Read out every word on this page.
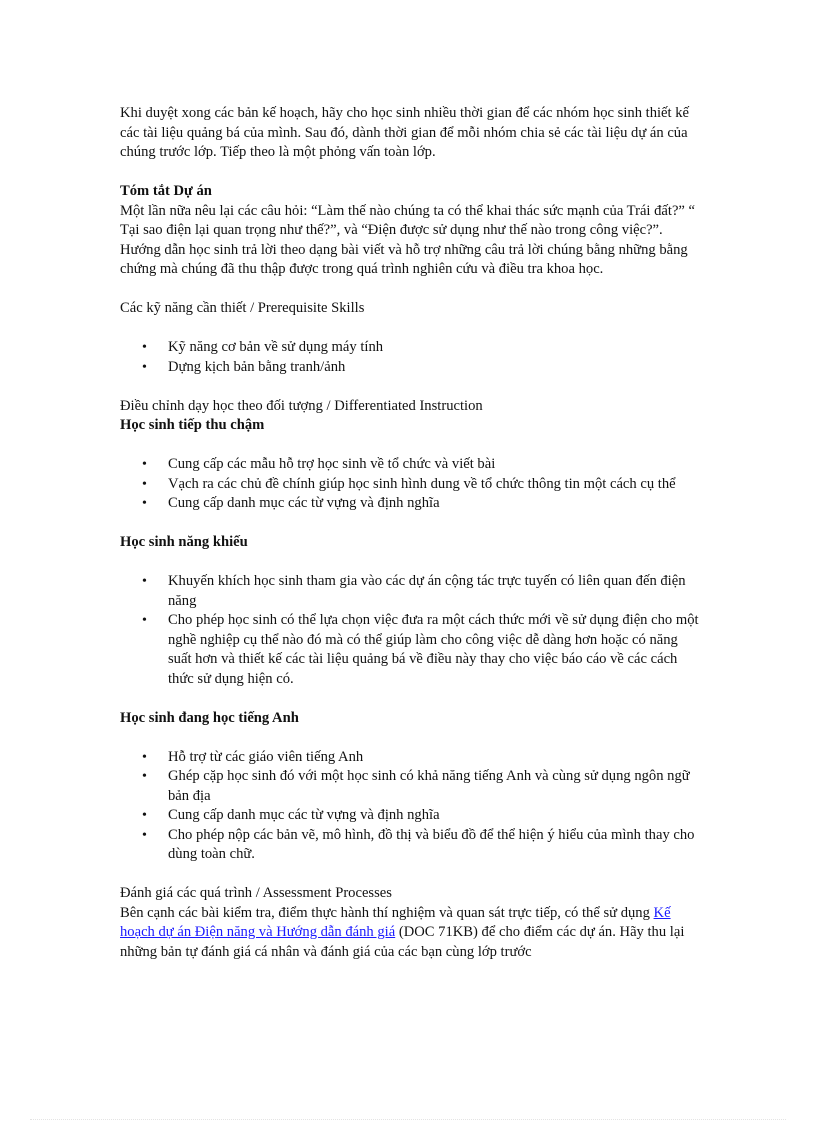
Khi duyệt xong các bản kế hoạch, hãy cho học sinh nhiều thời gian để các nhóm học sinh thiết kế các tài liệu quảng bá của mình. Sau đó, dành thời gian để mỗi nhóm chia sẻ các tài liệu dự án của chúng trước lớp. Tiếp theo là một phỏng vấn toàn lớp.

Tóm tắt Dự án

Một lần nữa nêu lại các câu hỏi: “Làm thế nào chúng ta có thể khai thác sức mạnh của Trái đất?” “ Tại sao điện lại quan trọng như thế?”, và “Điện được sử dụng như thế nào trong công việc?”. Hướng dẫn học sinh trả lời theo dạng bài viết và hỗ trợ những câu trả lời chúng bằng những bằng chứng mà chúng đã thu thập được trong quá trình nghiên cứu và điều tra khoa học.

Các kỹ năng cần thiết / Prerequisite Skills

• Kỹ năng cơ bản về sử dụng máy tính
• Dựng kịch bản bằng tranh/ảnh

Điều chỉnh dạy học theo đối tượng / Differentiated Instruction

Học sinh tiếp thu chậm

• Cung cấp các mẫu hỗ trợ học sinh về tổ chức và viết bài
• Vạch ra các chủ đề chính giúp học sinh hình dung về tổ chức thông tin một cách cụ thể
• Cung cấp danh mục các từ vựng và định nghĩa

Học sinh năng khiếu

• Khuyến khích học sinh tham gia vào các dự án cộng tác trực tuyến có liên quan đến điện năng
• Cho phép học sinh có thể lựa chọn việc đưa ra một cách thức mới về sử dụng điện cho một nghề nghiệp cụ thể nào đó mà có thể giúp làm cho công việc dễ dàng hơn hoặc có năng suất hơn và thiết kế các tài liệu quảng bá về điều này thay cho việc báo cáo về các cách thức sử dụng hiện có.

Học sinh đang học tiếng Anh

• Hỗ trợ từ các giáo viên tiếng Anh
• Ghép cặp học sinh đó với một học sinh có khả năng tiếng Anh và cùng sử dụng ngôn ngữ bản địa
• Cung cấp danh mục các từ vựng và định nghĩa
• Cho phép nộp các bản vẽ, mô hình, đồ thị và biểu đồ để thể hiện ý hiểu của mình thay cho dùng toàn chữ.

Đánh giá các quá trình / Assessment Processes

Bên cạnh các bài kiểm tra, điểm thực hành thí nghiệm và quan sát trực tiếp, có thể sử dụng Kế hoạch dự án Điện năng và Hướng dẫn đánh giá (DOC 71KB) để cho điểm các dự án. Hãy thu lại những bản tự đánh giá cá nhân và đánh giá của các bạn cùng lớp trước
